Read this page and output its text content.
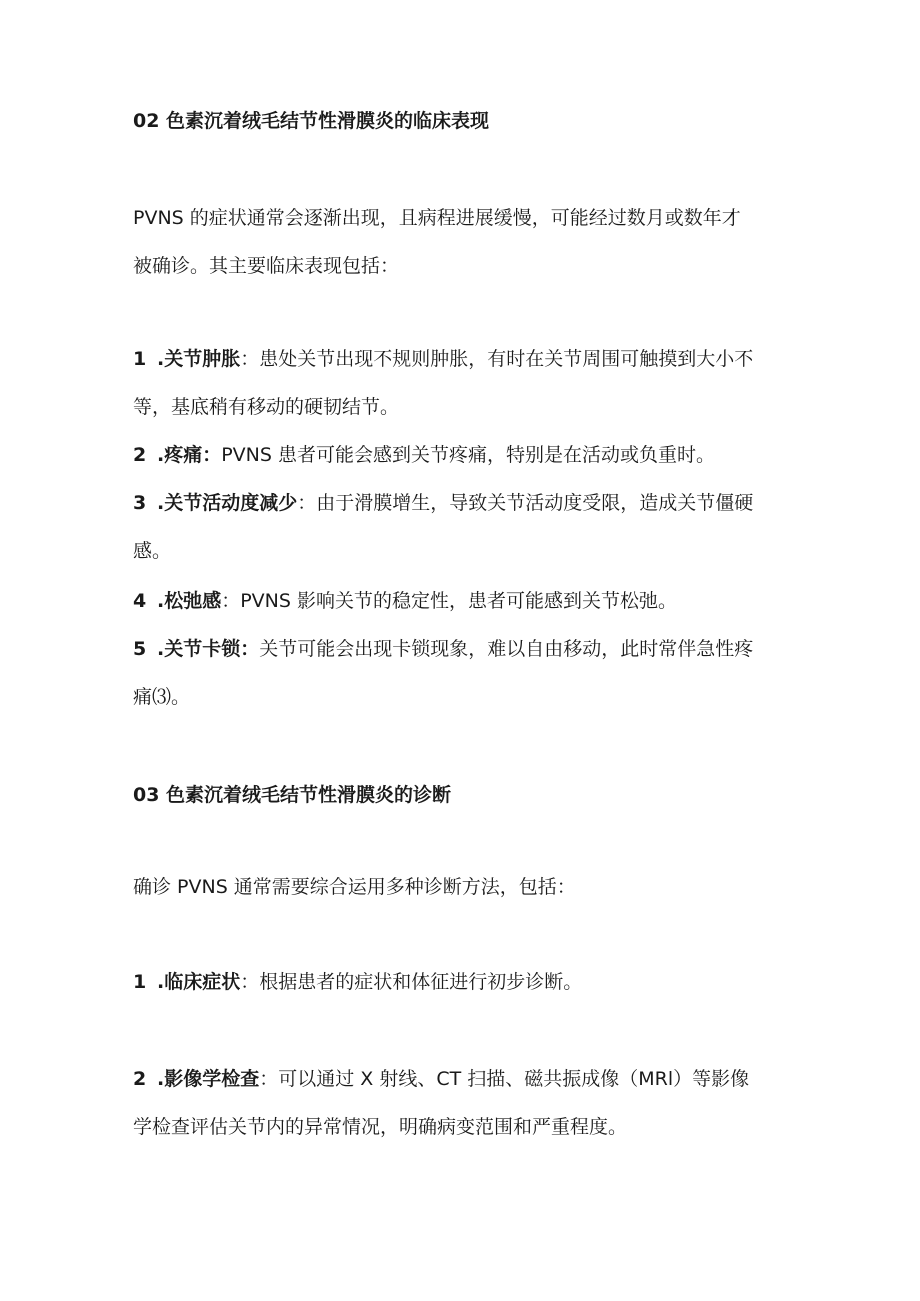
02 色素沉着绒毛结节性滑膜炎的临床表现
PVNS 的症状通常会逐渐出现，且病程进展缓慢，可能经过数月或数年才
被确诊。其主要临床表现包括：
1 .关节肿胀：患处关节出现不规则肿胀，有时在关节周围可触摸到大小不
等，基底稍有移动的硬韧结节。
2 .疼痛：PVNS 患者可能会感到关节疼痛，特别是在活动或负重时。
3 .关节活动度减少：由于滑膜增生，导致关节活动度受限，造成关节僵硬
感。
4 .松弛感：PVNS 影响关节的稳定性，患者可能感到关节松弛。
5 .关节卡锁：关节可能会出现卡锁现象，难以自由移动，此时常伴急性疼
痛⑶。
03 色素沉着绒毛结节性滑膜炎的诊断
确诊 PVNS 通常需要综合运用多种诊断方法，包括：
1 .临床症状：根据患者的症状和体征进行初步诊断。
2 .影像学检查：可以通过 X 射线、CT 扫描、磁共振成像（MRl）等影像
学检查评估关节内的异常情况，明确病变范围和严重程度。
